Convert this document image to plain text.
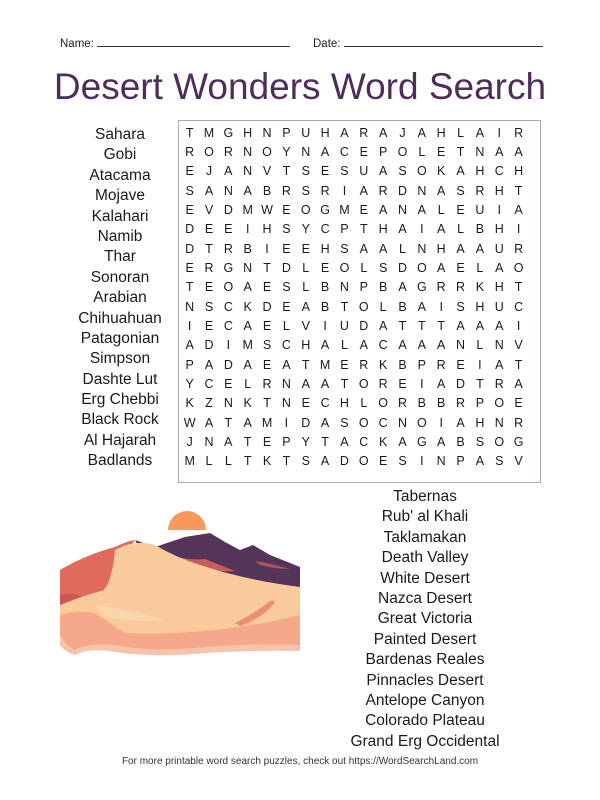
Name:	Date:
Desert Wonders Word Search
Sahara
Gobi
Atacama
Mojave
Kalahari
Namib
Thar
Sonoran
Arabian
Chihuahuan
Patagonian
Simpson
Dashte Lut
Erg Chebbi
Black Rock
Al Hajarah
Badlands
T M G H N P U H A R A J A H L A	I	R
R O R N O Y N A C E P O L E T N A A
E J A N V T S E S U A S O K A H C H
S A N A B R S R	I	A R D N A S R H T
E V D M W E O G M E A N A L E U	I	A
D E E	I	H S Y C P T H A	I	A L B H	I
D T R B	I	E E H S A A L N H A A U R
E R G N T D L E O L S D O A E L A O
T E O A E S L B N P B A G R R K H T
N S C K D E A B T O L B A	I	S H U C
I	E C A E L V	I	U D A T T T A A A	I
A D	I M S C H A L A C A A A N L N V
P A D A E A T M E R K B P R E	I	A T
Y C E L R N A A T O R E	I	A D T R A
K Z N K T N E C H L O R B B R P O E
W A T A M I	D A S O C N O	I	A H N R
J N A T E P Y T A C K A G A B S O G
M L L T K T S A D O E S	I	N P A S V
Tabernas
Rub' al Khali
Taklamakan
Death Valley
White Desert
Nazca Desert
Great Victoria
Painted Desert
Bardenas Reales
Pinnacles Desert
Antelope Canyon
Colorado Plateau
Grand Erg Occidental
For more printable word search puzzles, check out https://WordSearchLand.com
